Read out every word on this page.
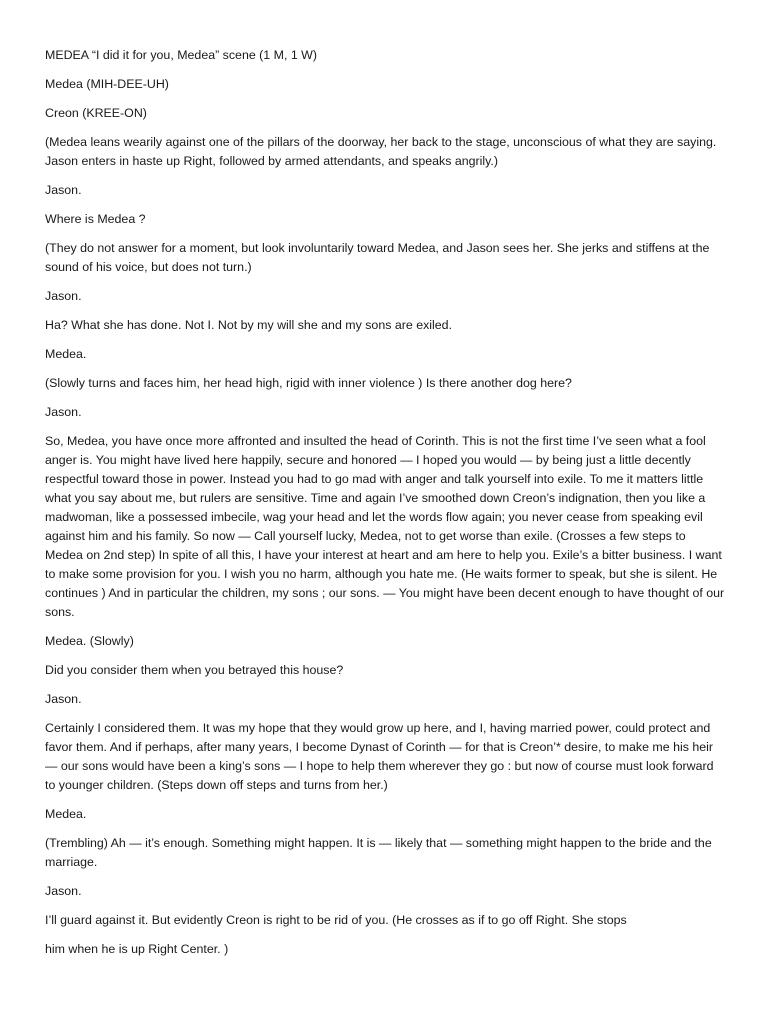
MEDEA “I did it for you, Medea” scene (1 M, 1 W)

Medea (MIH-DEE-UH)

Creon (KREE-ON)

(Medea leans wearily against one of the pillars of the doorway, her back to the stage, unconscious of what they are saying. Jason enters in haste up Right, followed by armed attendants, and speaks angrily.)

Jason.

Where is Medea ?

(They do not answer for a moment, but look involuntarily toward Medea, and Jason sees her. She jerks and stiffens at the sound of his voice, but does not turn.)

Jason.

Ha? What she has done. Not I. Not by my will she and my sons are exiled.

Medea.

(Slowly turns and faces him, her head high, rigid with inner violence ) Is there another dog here?

Jason.

So, Medea, you have once more affronted and insulted the head of Corinth. This is not the first time I’ve seen what a fool anger is. You might have lived here happily, secure and honored — I hoped you would — by being just a little decently respectful toward those in power. Instead you had to go mad with anger and talk yourself into exile. To me it matters little what you say about me, but rulers are sensitive. Time and again I’ve smoothed down Creon’s indignation, then you like a madwoman, like a possessed imbecile, wag your head and let the words flow again; you never cease from speaking evil against him and his family. So now — Call yourself lucky, Medea, not to get worse than exile. (Crosses a few steps to Medea on 2nd step) In spite of all this, I have your interest at heart and am here to help you. Exile’s a bitter business. I want to make some provision for you. I wish you no harm, although you hate me. (He waits former to speak, but she is silent. He continues ) And in particular the children, my sons ; our sons. — You might have been decent enough to have thought of our sons.

Medea. (Slowly)

Did you consider them when you betrayed this house?

Jason.

Certainly I considered them. It was my hope that they would grow up here, and I, having married power, could protect and favor them. And if perhaps, after many years, I become Dynast of Corinth — for that is Creon’* desire, to make me his heir — our sons would have been a king’s sons — I hope to help them wherever they go : but now of course must look forward to younger children. (Steps down off steps and turns from her.)

Medea.

(Trembling) Ah — it’s enough. Something might happen. It is — likely that — something might happen to the bride and the marriage.

Jason.

I’ll guard against it. But evidently Creon is right to be rid of you. (He crosses as if to go off Right. She stops

him when he is up Right Center. )
